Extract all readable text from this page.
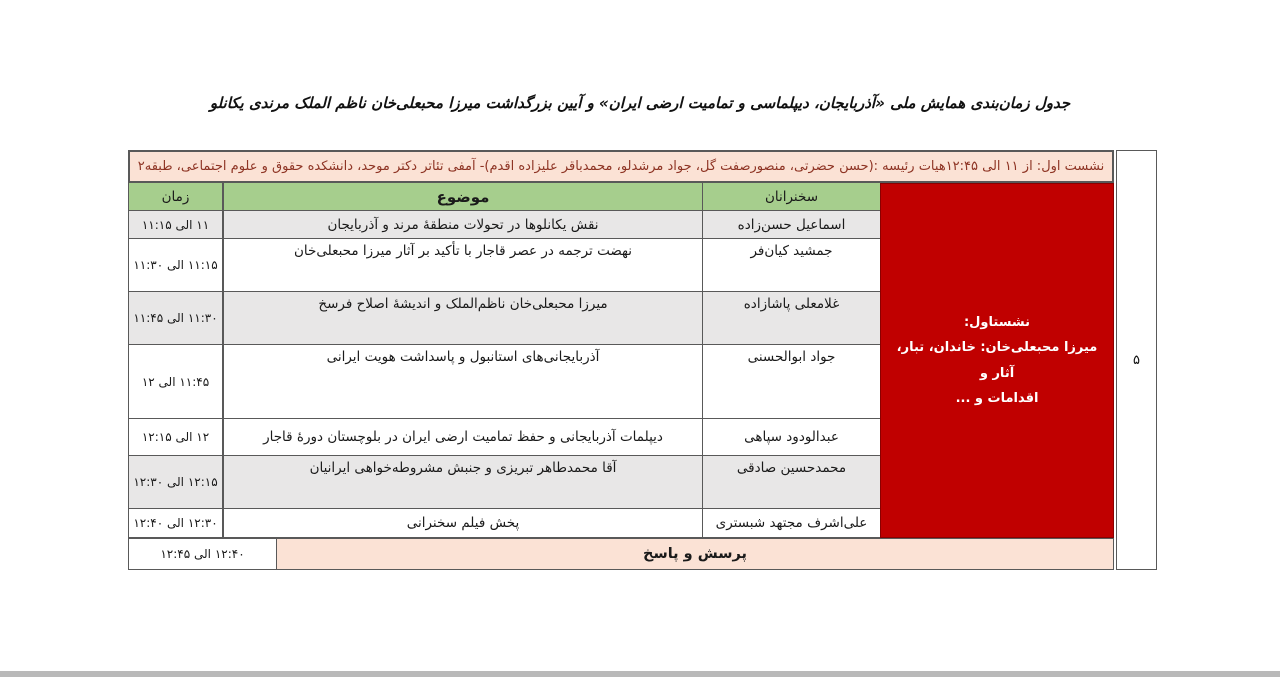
جدول زمان‌بندی همایش ملی «آذربایجان، دیپلماسی و تمامیت ارضی ایران» و آیین بزرگداشت میرزا محبعلی‌خان ناظم الملک مرندی یکانلو
نشست اول: از ۱۱ الی ۱۲:۴۵هیات رئیسه :(حسن حضرتی، منصورصفت گل، جواد مرشدلو، محمدباقر علیزاده اقدم)- آمفی تئاتر دکتر موحد، دانشکده حقوق و علوم اجتماعی، طبقه۲
زمان	موضوع	سخنرانان
۱۱ الی ۱۱:۱۵	نقش یکانلوها در تحولات منطقهٔ مرند و آذربایجان	اسماعیل حسن‌زاده
۱۱:۱۵ الی ۱۱:۳۰
نهضت ترجمه در عصر قاجار با تأکید بر آثار میرزا محبعلی‌خان	جمشید کیان‌فر
۱۱:۳۰ الی ۱۱:۴۵
میرزا محبعلی‌خان ناظم‌الملک و اندیشهٔ اصلاح فرسخ	غلامعلی پاشازاده
۱۱:۴۵ الی ۱۲
آذربایجانی‌های استانبول و پاسداشت هویت ایرانی	جواد ابوالحسنی
۱۲ الی ۱۲:۱۵	دیپلمات آذربایجانی و حفظ تمامیت ارضی ایران در بلوچستان دورهٔ قاجار	عبدالودود سپاهی
۱۲:۱۵ الی ۱۲:۳۰
آقا محمدطاهر تبریزی و جنبش مشروطه‌خواهی ایرانیان	محمدحسین صادقی
۱۲:۳۰ الی ۱۲:۴۰	پخش فیلم سخنرانی	علی‌اشرف مجتهد شبستری
نشستاول:
میرزا محبعلی‌خان: خاندان، تبار، آثار و
اقدامات و ...
۱۲:۴۰ الی ۱۲:۴۵	پرسش و پاسخ
۵
